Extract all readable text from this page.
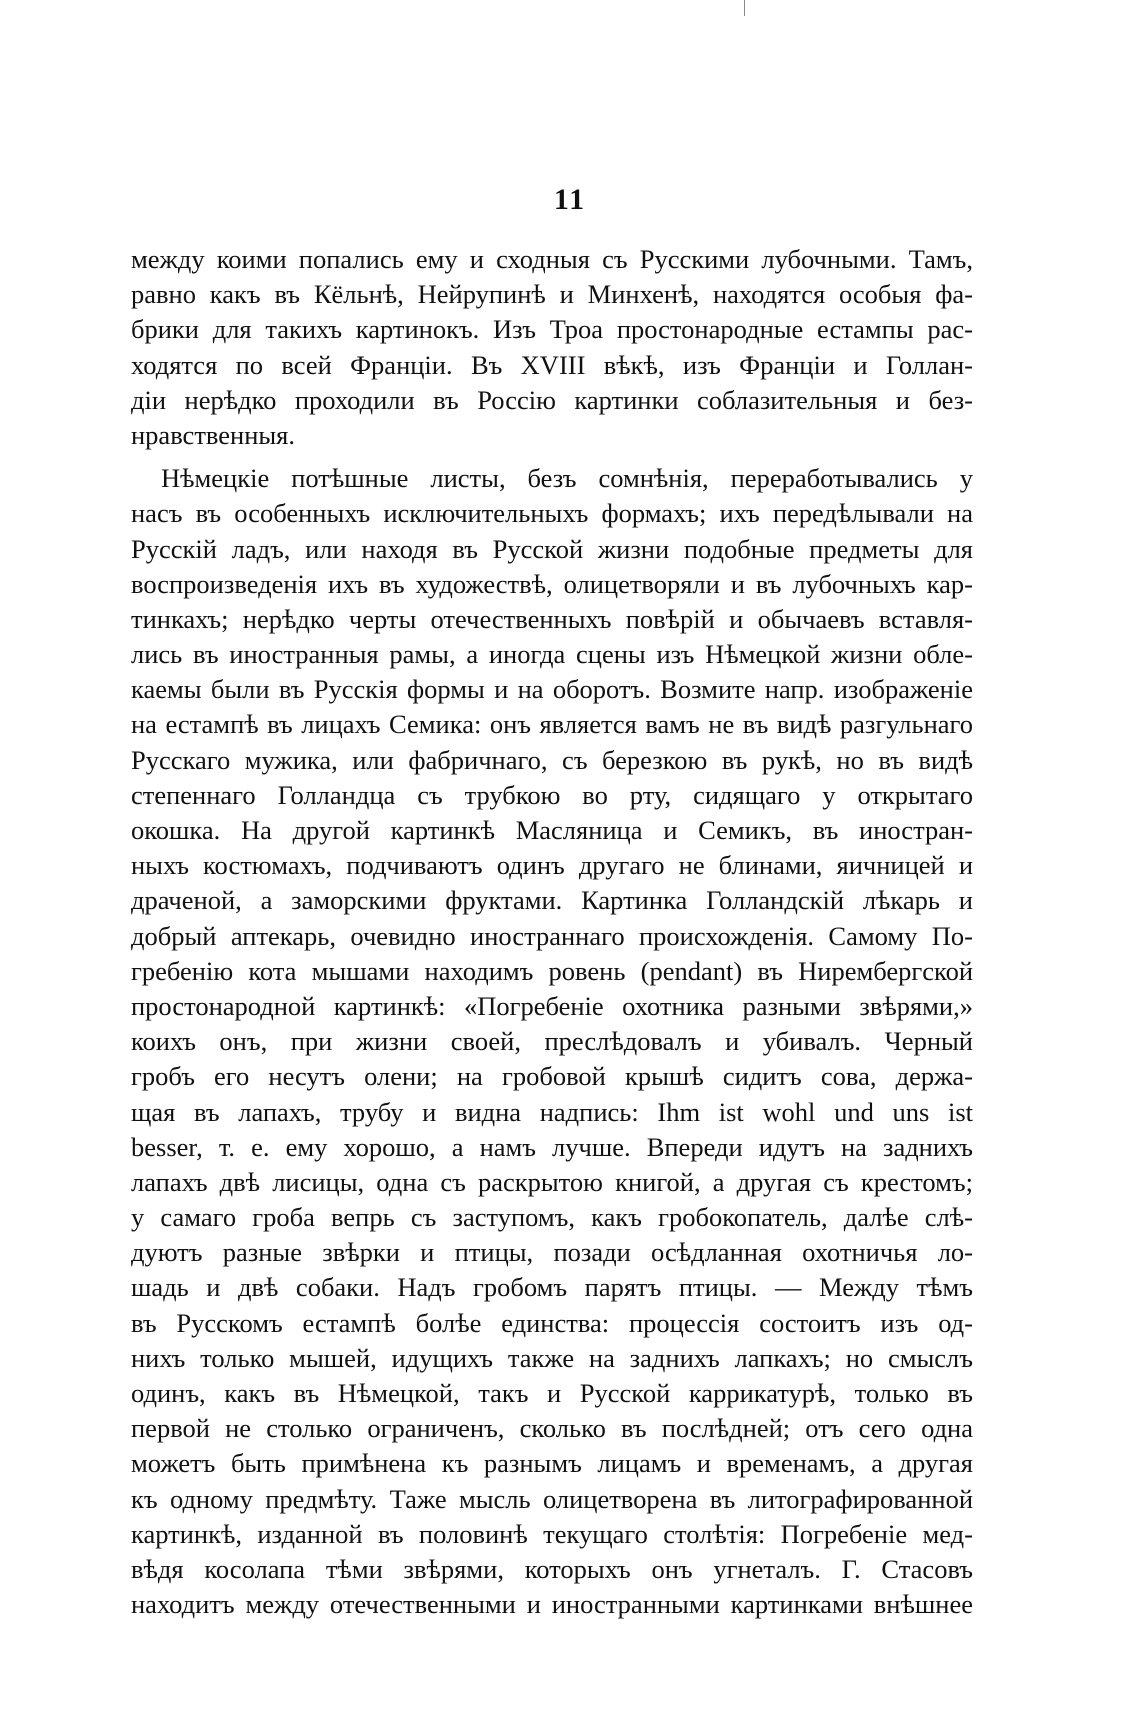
11
между коими попались ему и сходныя съ Русскими лубочными. Тамъ,
равно какъ въ Кёльнѣ, Нейрупинѣ и Минхенѣ, находятся особыя фа-
брики для такихъ картинокъ. Изъ Троа простонародные естампы рас-
ходятся по всей Франціи. Въ XVIII вѣкѣ, изъ Франціи и Голлан-
діи нерѣдко проходили въ Россію картинки соблазительныя и без-
нравственныя.
Нѣмецкіе потѣшные листы, безъ сомнѣнія, переработывались у
насъ въ особенныхъ исключительныхъ формахъ; ихъ передѣлывали на
Русскій ладъ, или находя въ Русской жизни подобные предметы для
воспроизведенія ихъ въ художествѣ, олицетворяли и въ лубочныхъ кар-
тинкахъ; нерѣдко черты отечественныхъ повѣрій и обычаевъ вставля-
лись въ иностранныя рамы, а иногда сцены изъ Нѣмецкой жизни обле-
каемы были въ Русскія формы и на оборотъ. Возмите напр. изображеніе
на естампѣ въ лицахъ Семика: онъ является вамъ не въ видѣ разгульнаго
Русскаго мужика, или фабричнаго, съ березкою въ рукѣ, но въ видѣ
степеннаго Голландца съ трубкою во рту, сидящаго у открытаго
окошка. На другой картинкѣ Масляница и Семикъ, въ иностран-
ныхъ костюмахъ, подчиваютъ одинъ другаго не блинами, яичницей и
драченой, а заморскими фруктами. Картинка Голландскій лѣкарь и
добрый аптекарь, очевидно иностраннаго происхожденія. Самому По-
гребенію кота мышами находимъ ровень (pendant) въ Нирембергской
простонародной картинкѣ: «Погребеніе охотника разными звѣрями,»
коихъ онъ, при жизни своей, преслѣдовалъ и убивалъ. Черный
гробъ его несутъ олени; на гробовой крышѣ сидитъ сова, держа-
щая въ лапахъ, трубу и видна надпись: Ihm ist wohl und uns ist
besser, т. е. ему хорошо, а намъ лучше. Впереди идутъ на заднихъ
лапахъ двѣ лисицы, одна съ раскрытою книгой, а другая съ крестомъ;
у самаго гроба вепрь съ заступомъ, какъ гробокопатель, далѣе слѣ-
дуютъ разные звѣрки и птицы, позади осѣдланная охотничья ло-
шадь и двѣ собаки. Надъ гробомъ парятъ птицы. — Между тѣмъ
въ Русскомъ естампѣ болѣе единства: процессія состоитъ изъ од-
нихъ только мышей, идущихъ также на заднихъ лапкахъ; но смыслъ
одинъ, какъ въ Нѣмецкой, такъ и Русской каррикатурѣ, только въ
первой не столько ограниченъ, сколько въ послѣдней; отъ сего одна
можетъ быть примѣнена къ разнымъ лицамъ и временамъ, а другая
къ одному предмѣту. Таже мысль олицетворена въ литографированной
картинкѣ, изданной въ половинѣ текущаго столѣтія: Погребеніе мед-
вѣдя косолапа тѣми звѣрями, которыхъ онъ угнеталъ. Г. Стасовъ
находитъ между отечественными и иностранными картинками внѣшнее
